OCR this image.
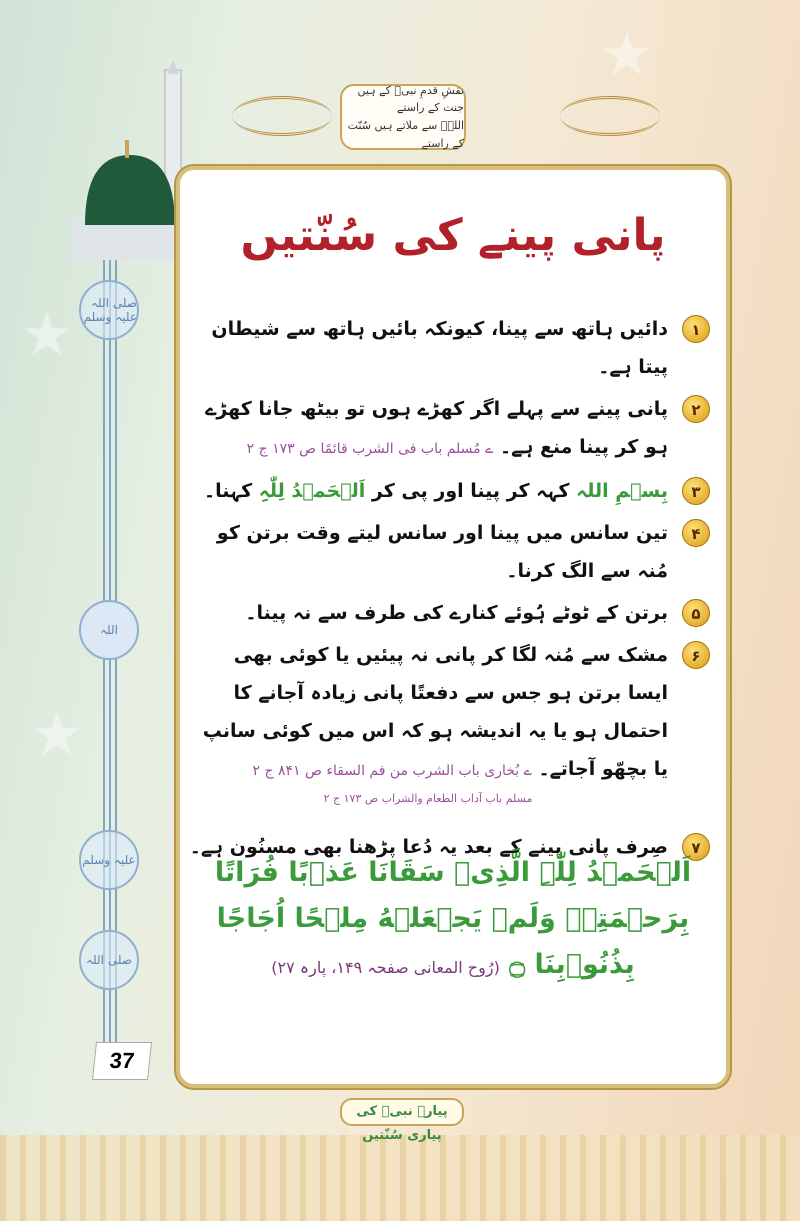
★
★
★
نقشِ قدمِ نبیؐ کے ہیں جنت کے راستے
اللہؐ سے ملاتے ہیں سُنّت کے راستے
صلی اللہ علیہ وسلم
اللہ
علیہ وسلم
صلی اللہ
37
پانی پینے کی سُنّتیں
۱
دائیں ہاتھ سے پینا، کیونکہ بائیں ہاتھ سے شیطان پیتا ہے۔
۲
پانی پینے سے پہلے اگر کھڑے ہوں تو بیٹھ جانا کھڑے ہو کر پینا منع ہے۔ ے مُسلم باب فی الشرب قائمًا ص ۱۷۳ ج ۲
۳
بِسۡمِ اللہ کہہ کر پینا اور پی کر اَلۡحَمۡدُ لِلّٰہِ کہنا۔
۴
تین سانس میں پینا اور سانس لیتے وقت برتن کو مُنہ سے الگ کرنا۔
۵
برتن کے ٹوٹے ہُوئے کنارے کی طرف سے نہ پینا۔
۶
مشک سے مُنہ لگا کر پانی نہ پیئیں یا کوئی بھی ایسا برتن ہو جس سے دفعتًا پانی زیادہ آجانے کا احتمال ہو یا یہ اندیشہ ہو کہ اس میں کوئی سانپ یا بچھّو آجاتے۔ ے بُخاری باب الشرب من فم السقاء ص ۸۴۱ ج ۲
مسلم باب آداب الطعام والشراب ص ۱۷۳ ج ۲
۷
صِرف پانی پینے کے بعد یہ دُعا پڑھنا بھی مسنُون ہے۔
اَلۡحَمۡدُ لِلّٰہِ الَّذِیۡ سَقَانَا عَذۡبًا فُرَاتًا
بِرَحۡمَتِہٖ وَلَمۡ یَجۡعَلۡهُ مِلۡحًا اُجَاجًا
بِذُنُوۡبِنَا ۝ (رُوح المعانی صفحہ ۱۴۹، پارہ ۲۷)
پیارے نبیؐ کی پیاری سُنّتیں
